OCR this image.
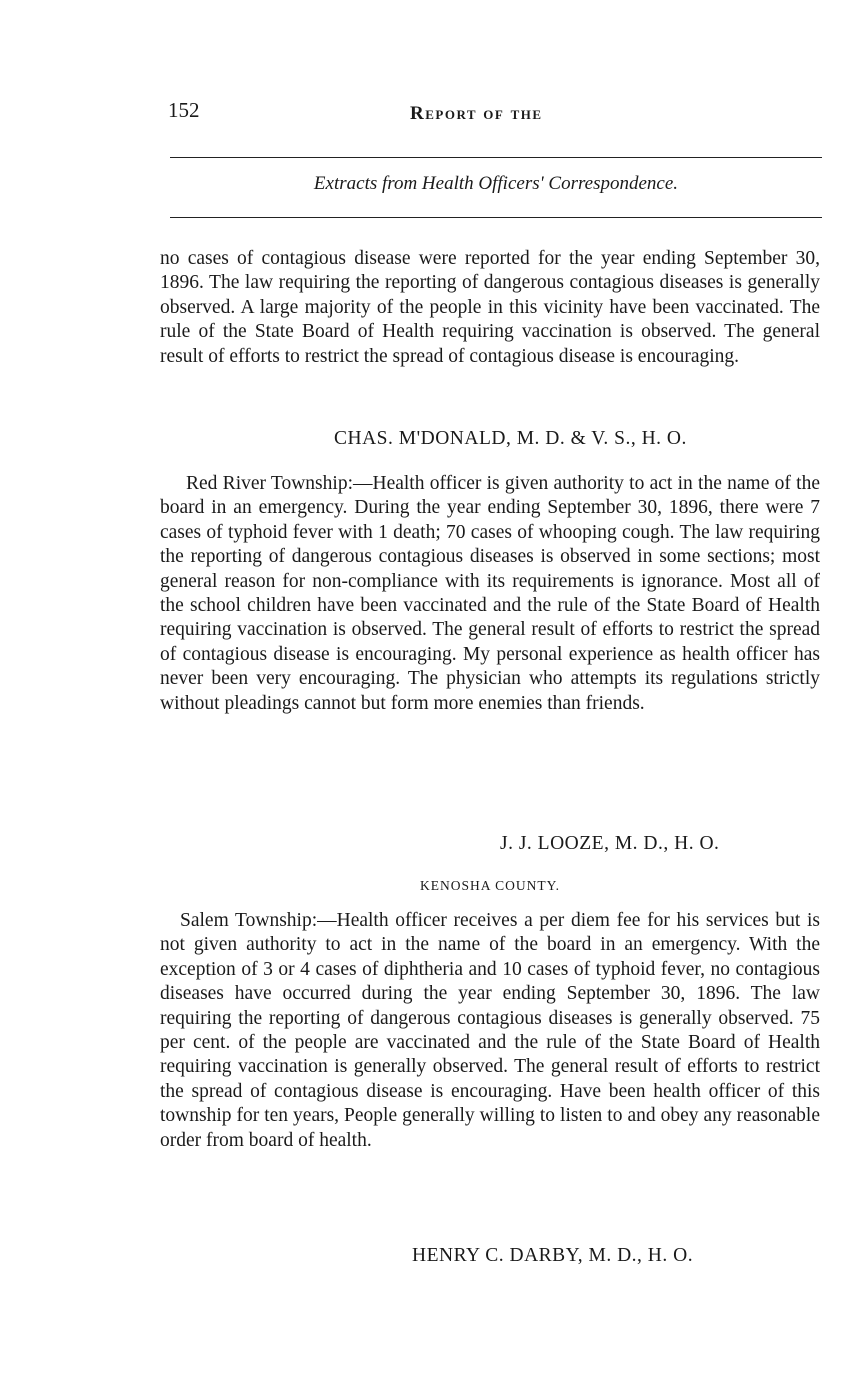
152	Report of the
Extracts from Health Officers' Correspondence.

no cases of contagious disease were reported for the year ending September 30, 1896. The law requiring the reporting of dangerous contagious diseases is generally observed. A large majority of the people in this vicinity have been vaccinated. The rule of the State Board of Health requiring vaccination is observed. The general result of efforts to restrict the spread of contagious disease is encouraging.

CHAS. M'DONALD, M. D. & V. S., H. O.

Red River Township:—Health officer is given authority to act in the name of the board in an emergency. During the year ending September 30, 1896, there were 7 cases of typhoid fever with 1 death; 70 cases of whooping cough. The law requiring the reporting of dangerous contagious diseases is observed in some sections; most general reason for non-compliance with its requirements is ignorance. Most all of the school children have been vaccinated and the rule of the State Board of Health requiring vaccination is observed. The general result of efforts to restrict the spread of contagious disease is encouraging. My personal experience as health officer has never been very encouraging. The physician who attempts its regulations strictly without pleadings cannot but form more enemies than friends.

J. J. LOOZE, M. D., H. O.
KENOSHA COUNTY.

Salem Township:—Health officer receives a per diem fee for his services but is not given authority to act in the name of the board in an emergency. With the exception of 3 or 4 cases of diphtheria and 10 cases of typhoid fever, no contagious diseases have occurred during the year ending September 30, 1896. The law requiring the reporting of dangerous contagious diseases is generally observed. 75 per cent. of the people are vaccinated and the rule of the State Board of Health requiring vaccination is generally observed. The general result of efforts to restrict the spread of contagious disease is encouraging. Have been health officer of this township for ten years, People generally willing to listen to and obey any reasonable order from board of health.

HENRY C. DARBY, M. D., H. O.
